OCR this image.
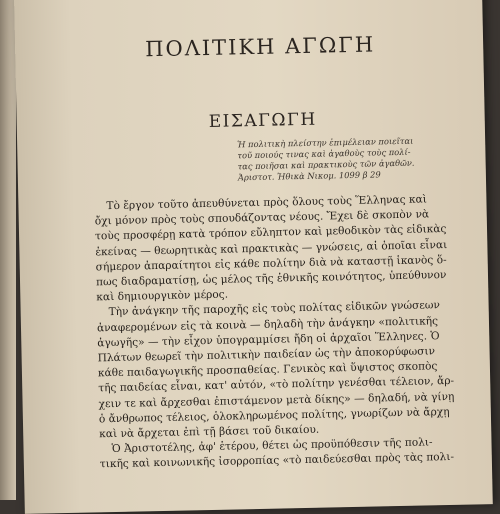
ΠΟΛΙΤΙΚΗ ΑΓΩΓΗ
ΕΙΣΑΓΩΓΗ
Ἡ πολιτικὴ πλείστην ἐπιμέλειαν ποιεῖται
τοῦ ποιούς τινας καὶ ἀγαθοὺς τοὺς πολί-
τας ποιῆσαι καὶ πρακτικοὺς τῶν ἀγαθῶν.
Ἀριστοτ. Ἠθικὰ Νικομ. 1099 β 29
Τὸ ἔργον τοῦτο ἀπευθύνεται πρὸς ὅλους τοὺς Ἕλληνας καὶ
ὄχι μόνον πρὸς τοὺς σπουδάζοντας νέους. Ἔχει δὲ σκοπὸν νὰ
τοὺς προσφέρῃ κατὰ τρόπον εὔληπτον καὶ μεθοδικὸν τὰς εἰδικὰς
ἐκείνας — θεωρητικὰς καὶ πρακτικὰς — γνώσεις, αἱ ὁποῖαι εἶναι
σήμερον ἀπαραίτητοι εἰς κάθε πολίτην διὰ νὰ καταστῇ ἱκανὸς ὅ-
πως διαδραματίσῃ, ὡς μέλος τῆς ἐθνικῆς κοινότητος, ὑπεύθυνον
καὶ δημιουργικὸν μέρος.
Τὴν ἀνάγκην τῆς παροχῆς εἰς τοὺς πολίτας εἰδικῶν γνώσεων
ἀναφερομένων εἰς τὰ κοινὰ — δηλαδὴ τὴν ἀνάγκην «πολιτικῆς
ἀγωγῆς» — τὴν εἶχον ὑπογραμμίσει ἤδη οἱ ἀρχαῖοι Ἕλληνες. Ὁ
Πλάτων θεωρεῖ τὴν πολιτικὴν παιδείαν ὡς τὴν ἀποκορύφωσιν
κάθε παιδαγωγικῆς προσπαθείας. Γενικὸς καὶ ὕψιστος σκοπὸς
τῆς παιδείας εἶναι, κατ' αὐτόν, «τὸ πολίτην γενέσθαι τέλειον, ἄρ-
χειν τε καὶ ἄρχεσθαι ἐπιστάμενον μετὰ δίκης» — δηλαδή, νὰ γίνῃ
ὁ ἄνθρωπος τέλειος, ὁλοκληρωμένος πολίτης, γνωρίζων νὰ ἄρχῃ
καὶ νὰ ἄρχεται ἐπὶ τῇ βάσει τοῦ δικαίου.
Ὁ Ἀριστοτέλης, ἀφ' ἑτέρου, θέτει ὡς προϋπόθεσιν τῆς πολι-
τικῆς καὶ κοινωνικῆς ἰσορροπίας «τὸ παιδεύεσθαι πρὸς τὰς πολι-
